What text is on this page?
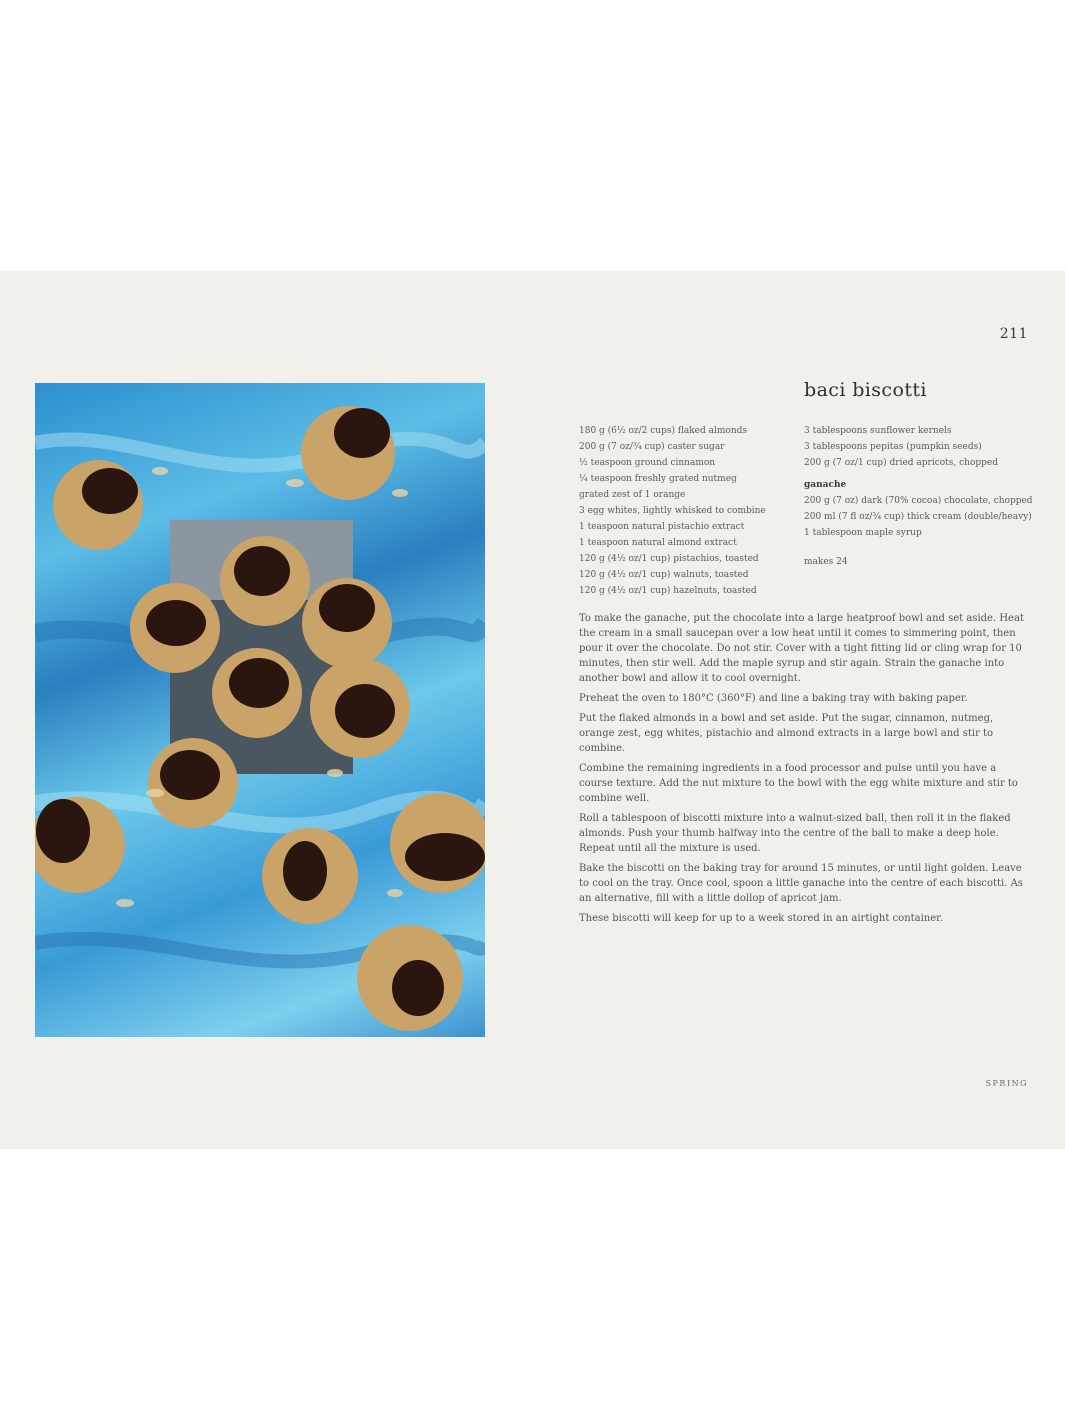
211
baci biscotti
180 g (6½ oz/2 cups) flaked almonds
200 g (7 oz/¾ cup) caster sugar
½ teaspoon ground cinnamon
¼ teaspoon freshly grated nutmeg
grated zest of 1 orange
3 egg whites, lightly whisked to combine
1 teaspoon natural pistachio extract
1 teaspoon natural almond extract
120 g (4½ oz/1 cup) pistachios, toasted
120 g (4½ oz/1 cup) walnuts, toasted
120 g (4½ oz/1 cup) hazelnuts, toasted
3 tablespoons sunflower kernels
3 tablespoons pepitas (pumpkin seeds)
200 g (7 oz/1 cup) dried apricots, chopped
ganache
200 g (7 oz) dark (70% cocoa) chocolate, chopped
200 ml (7 fl oz/¾ cup) thick cream (double/heavy)
1 tablespoon maple syrup
makes 24

To make the ganache, put the chocolate into a large heatproof bowl and set aside. Heat the cream in a small saucepan over a low heat until it comes to simmering point, then pour it over the chocolate. Do not stir. Cover with a tight fitting lid or cling wrap for 10 minutes, then stir well. Add the maple syrup and stir again. Strain the ganache into another bowl and allow it to cool overnight.

Preheat the oven to 180°C (360°F) and line a baking tray with baking paper.

Put the flaked almonds in a bowl and set aside. Put the sugar, cinnamon, nutmeg, orange zest, egg whites, pistachio and almond extracts in a large bowl and stir to combine.

Combine the remaining ingredients in a food processor and pulse until you have a course texture. Add the nut mixture to the bowl with the egg white mixture and stir to combine well.

Roll a tablespoon of biscotti mixture into a walnut-sized ball, then roll it in the flaked almonds. Push your thumb halfway into the centre of the ball to make a deep hole. Repeat until all the mixture is used.

Bake the biscotti on the baking tray for around 15 minutes, or until light golden. Leave to cool on the tray. Once cool, spoon a little ganache into the centre of each biscotti. As an alternative, fill with a little dollop of apricot jam.

These biscotti will keep for up to a week stored in an airtight container.

SPRING
